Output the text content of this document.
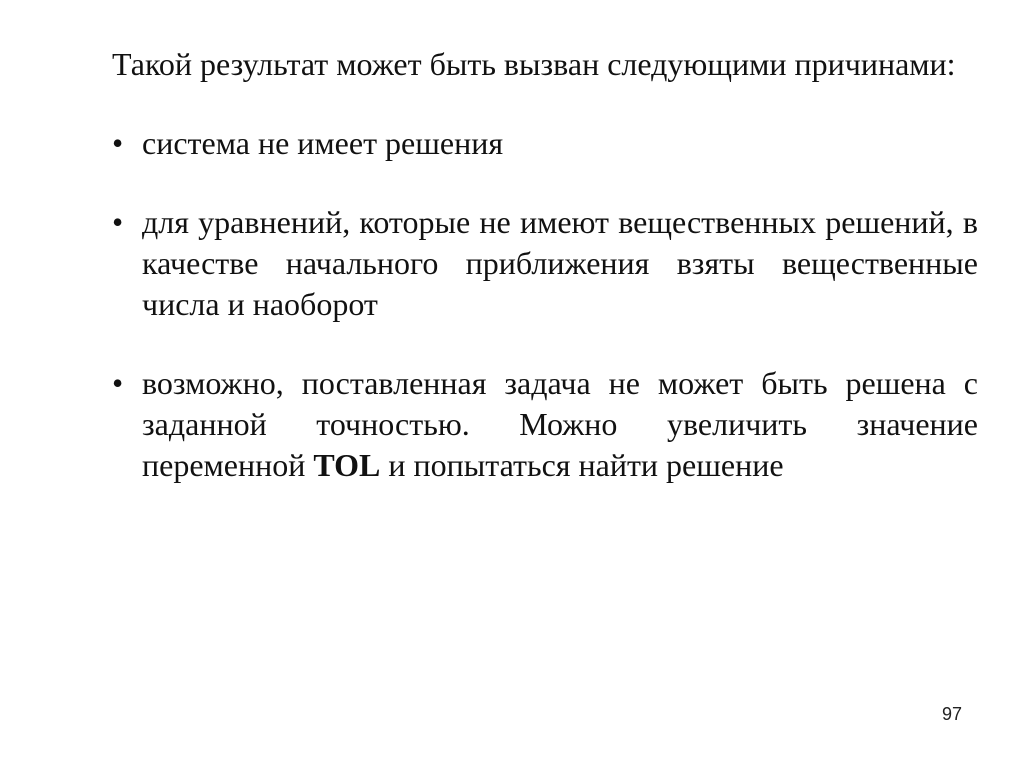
Такой результат может быть вызван следующими причинами:

• система не имеет решения
• для уравнений, которые не имеют вещественных решений, в качестве начального приближения взяты вещественные числа и наоборот
• возможно, поставленная задача не может быть решена с заданной точностью. Можно увеличить значение переменной TOL и попытаться найти решение
97
